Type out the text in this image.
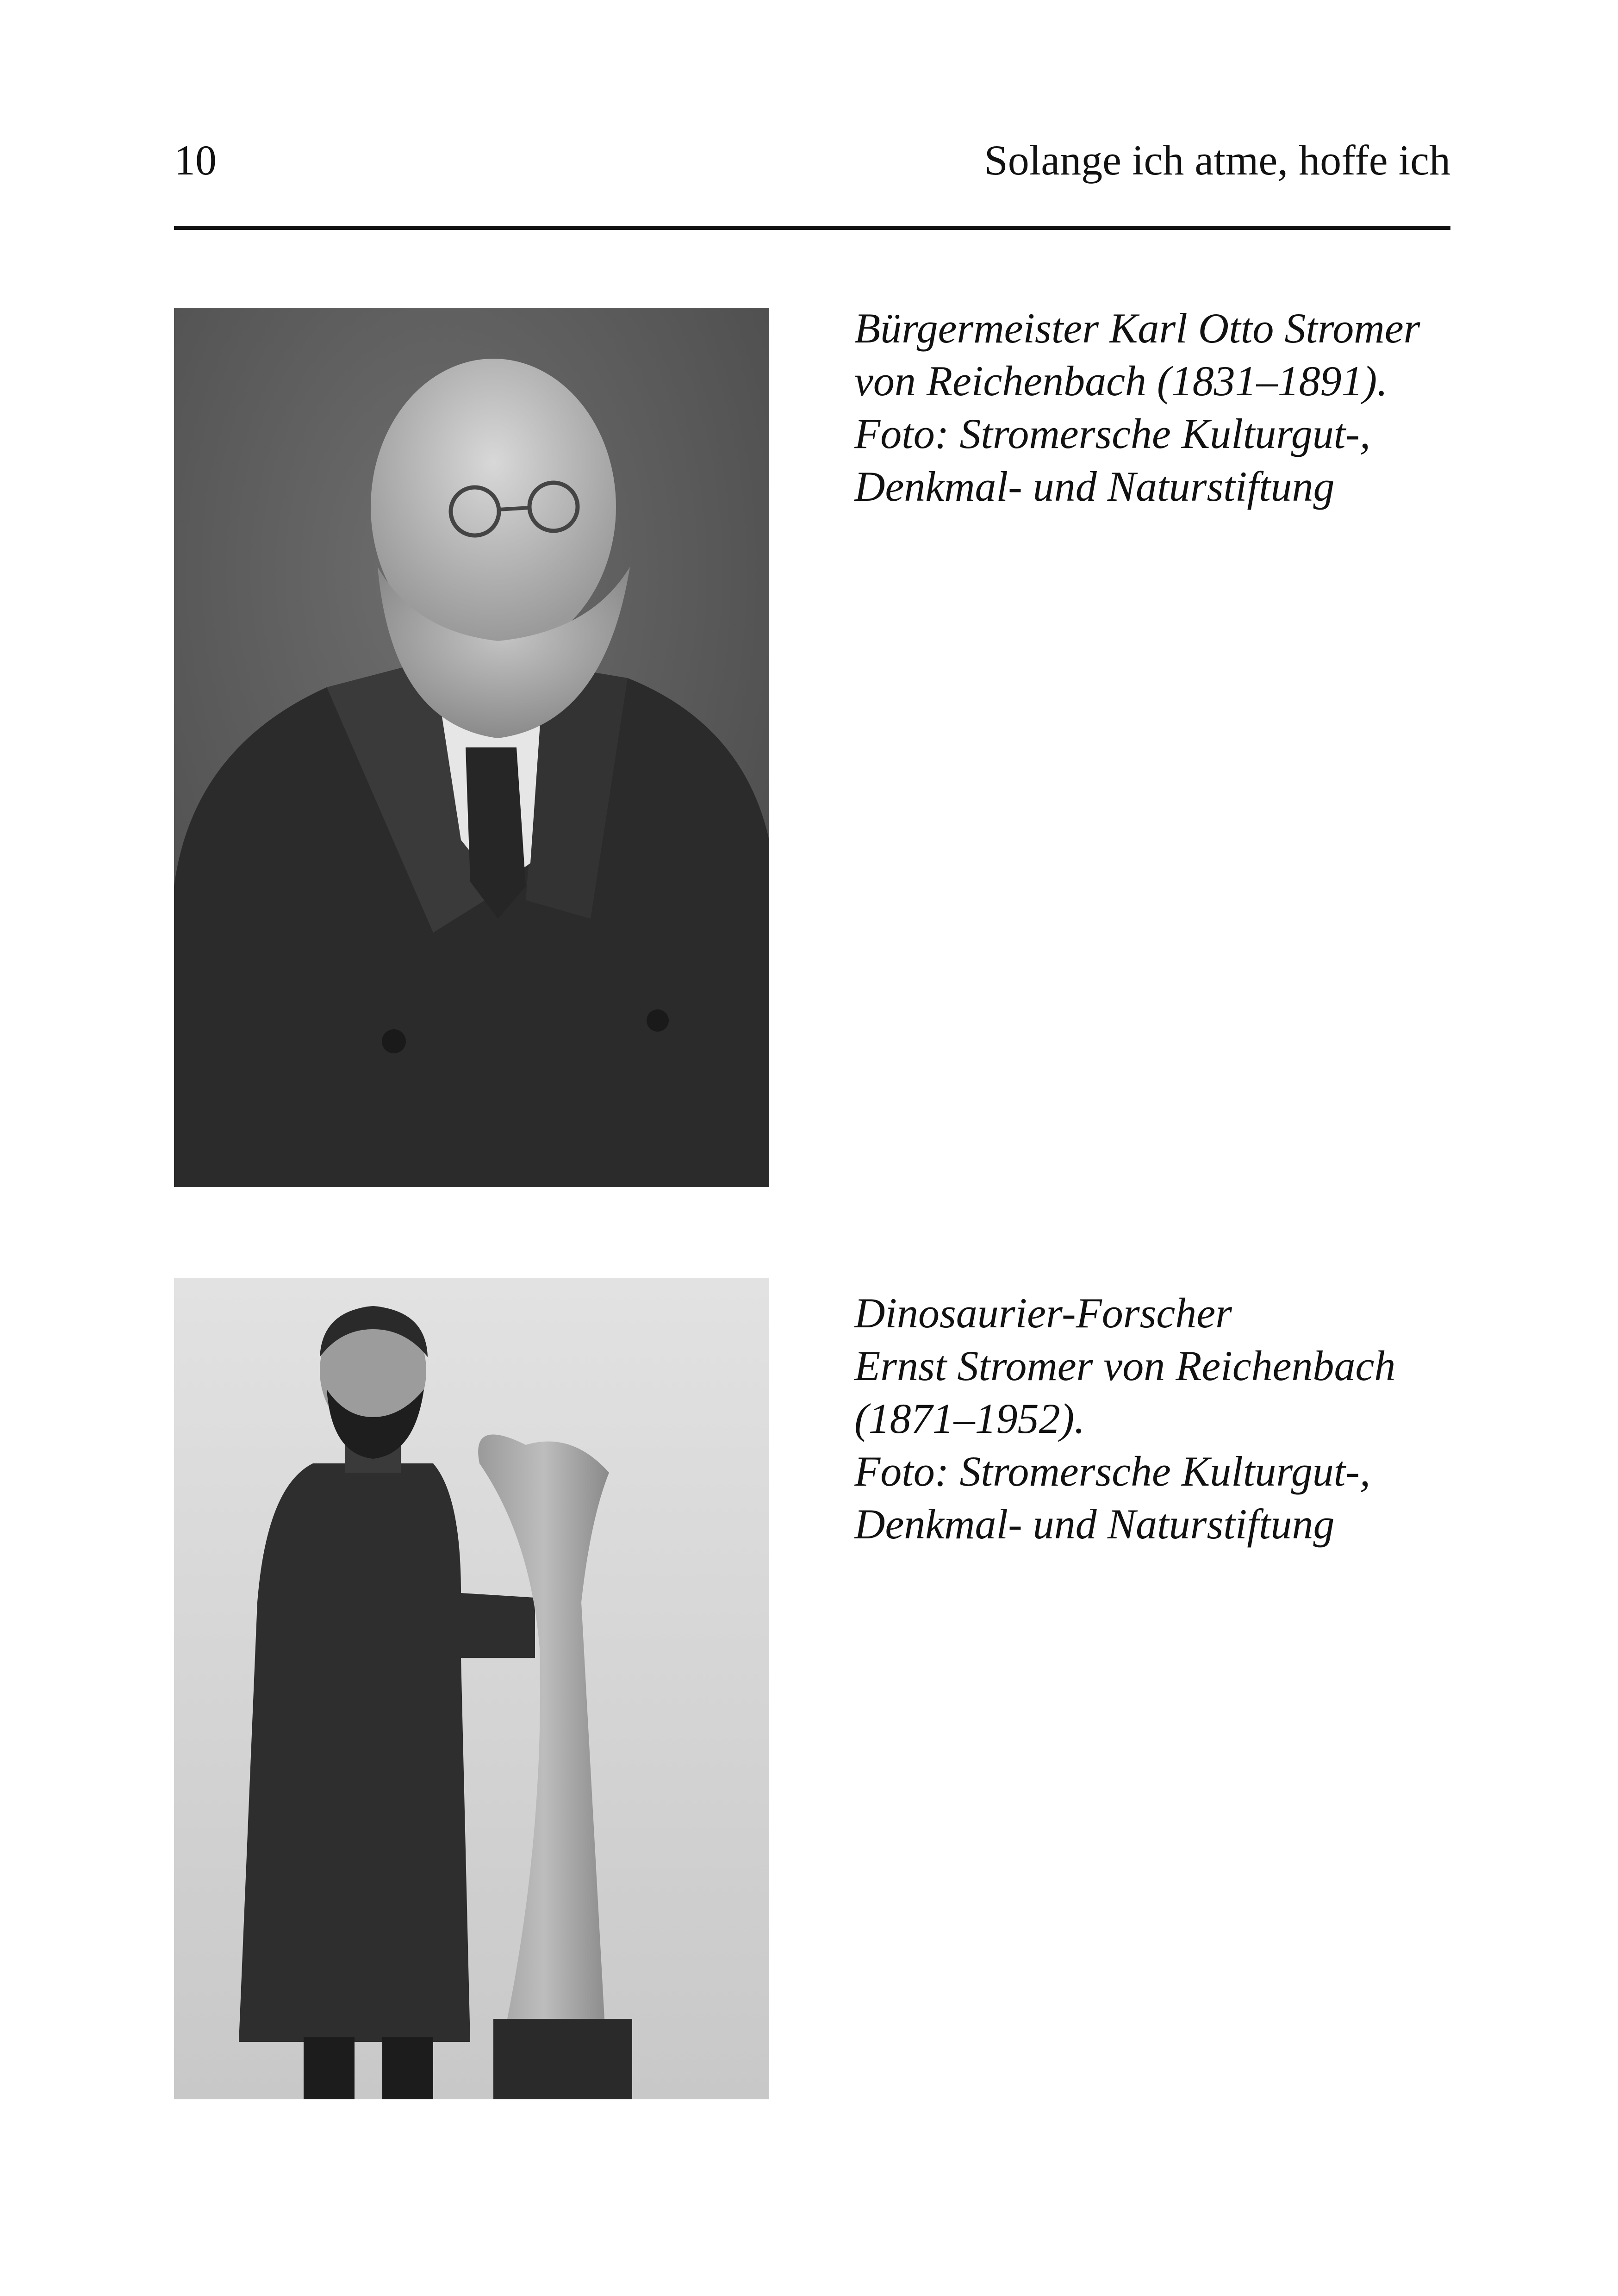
10	Solange ich atme, hoffe ich
Bürgermeister Karl Otto Stromer
von Reichenbach (1831–1891).
Foto: Stromersche Kulturgut-,
Denkmal- und Naturstiftung
Dinosaurier-Forscher
Ernst Stromer von Reichenbach
(1871–1952).
Foto: Stromersche Kulturgut-,
Denkmal- und Naturstiftung
